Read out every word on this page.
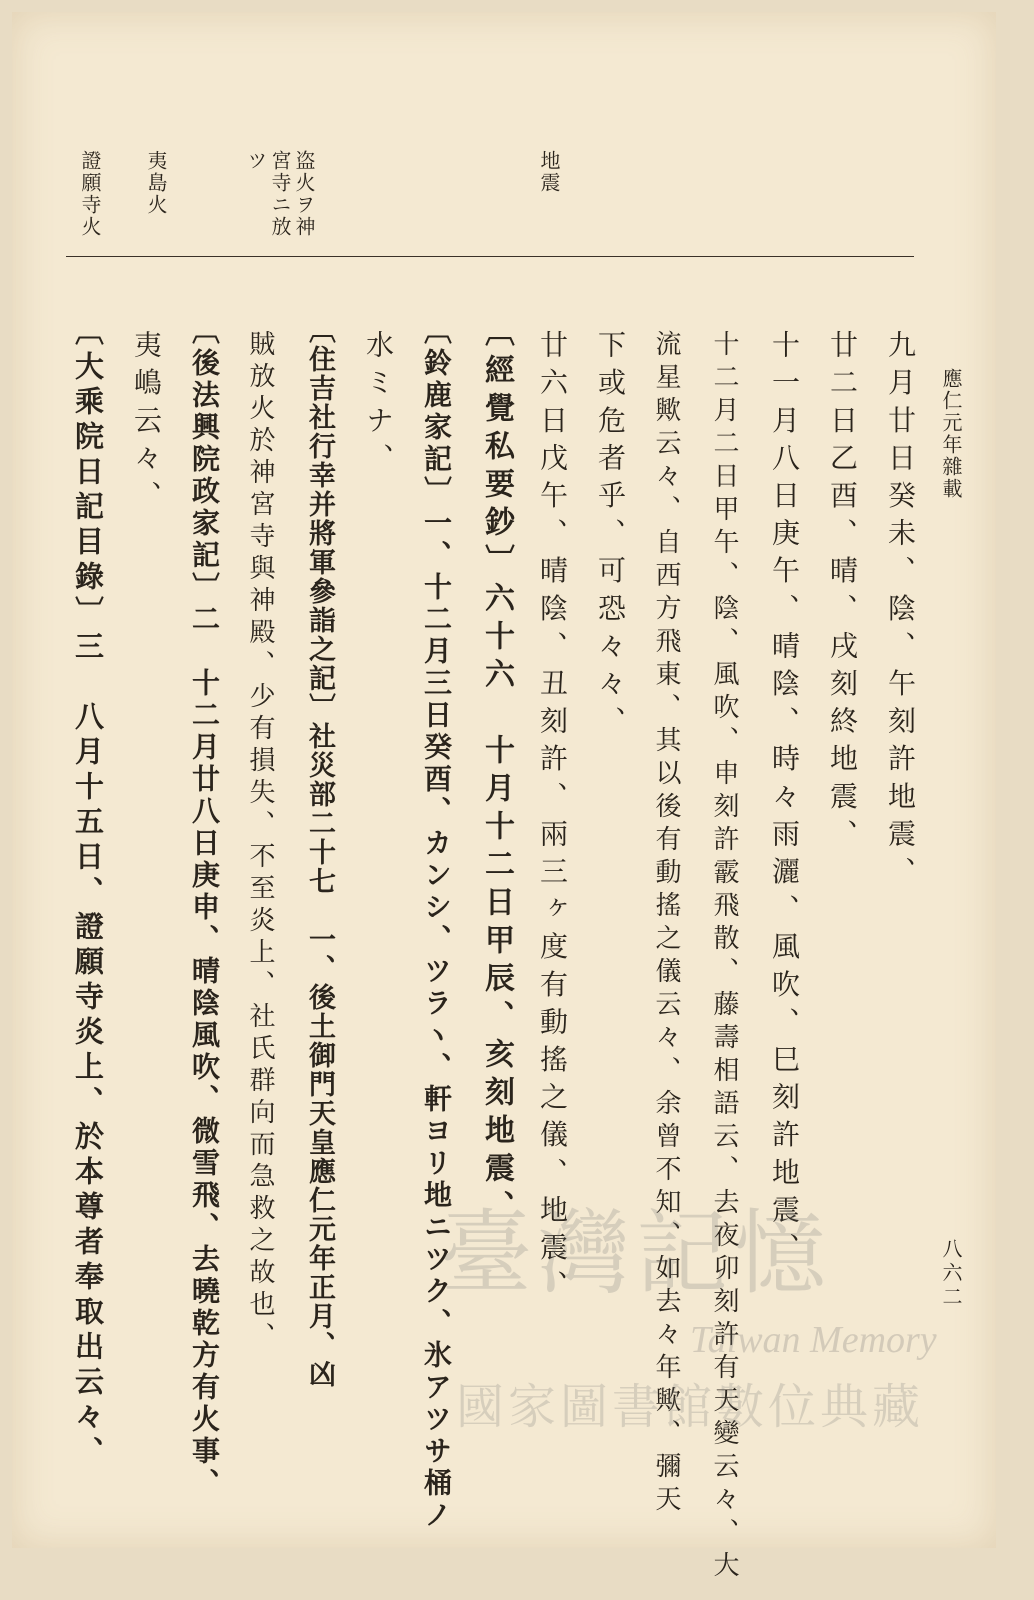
應仁元年雜載
八六二
地震
盗火ヲ神宮寺ニ放ツ
夷島火
證願寺火
九月廿日癸未、陰、午刻許地震、
廿二日乙酉、晴、戌刻終地震、
十一月八日庚午、晴陰、時々雨灑、風吹、巳刻許地震、
十二月二日甲午、陰、風吹、申刻許霰飛散、藤壽相語云、去夜卯刻許有天變云々、大
流星歟云々、自西方飛東、其以後有動搖之儀云々、余曾不知、如去々年歟、彌天
下或危者乎、可恐々々、
廿六日戊午、晴陰、丑刻許、兩三ヶ度有動搖之儀、地震、
〔經覺私要鈔〕六十六　十月十二日甲辰、亥刻地震、
〔鈴鹿家記〕一、十二月三日癸酉、カンシ、ツラヽ、軒ヨリ地ニツク、氷アツサ桶ノ
水ミナ、
〔住吉社行幸并將軍參詣之記〕社災部二十七　一、後土御門天皇應仁元年正月、凶
賊放火於神宮寺與神殿、少有損失、不至炎上、社氏群向而急救之故也、
〔後法興院政家記〕二　十二月廿八日庚申、晴陰風吹、微雪飛、去曉乾方有火事、
夷嶋云々、
〔大乘院日記目錄〕三　八月十五日、證願寺炎上、於本尊者奉取出云々、	臺灣記憶
Taiwan Memory
國家圖書館數位典藏
